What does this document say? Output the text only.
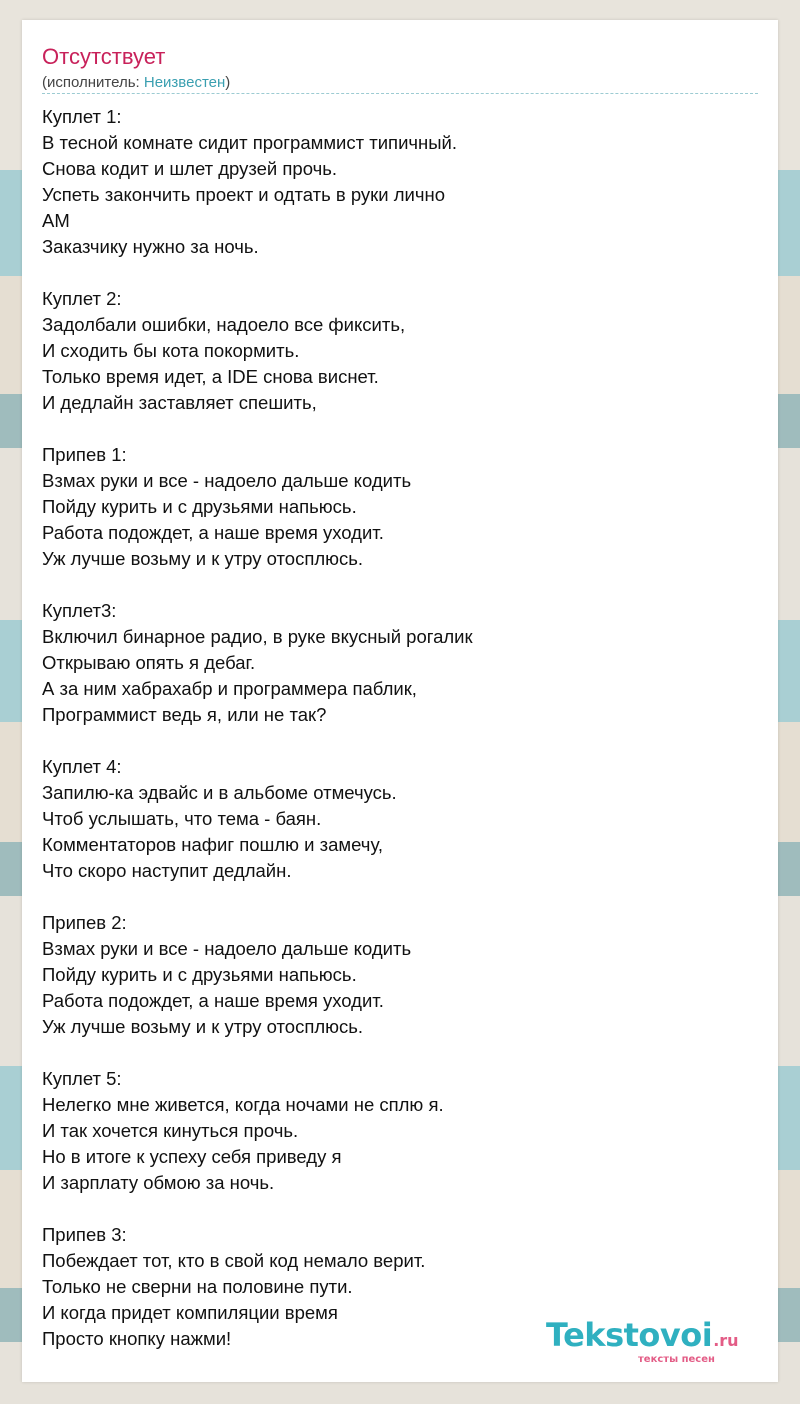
Отсутствует
(исполнитель: Неизвестен)
Куплет 1:
В тесной комнате сидит программист типичный.
Снова кодит и шлет друзей прочь.
Успеть закончить проект и одтать в руки лично
АМ
Заказчику нужно за ночь.
Куплет 2:
Задолбали ошибки, надоело все фиксить,
И сходить бы кота покормить.
Только время идет, а IDE снова виснет.
И дедлайн заставляет спешить,
Припев 1:
Взмах руки и все - надоело дальше кодить
Пойду курить и с друзьями напьюсь.
Работа подождет, а наше время уходит.
Уж лучше возьму и к утру отосплюсь.
Куплет3:
Включил бинарное радио, в руке вкусный рогалик
Открываю опять я дебаг.
А за ним хабрахабр и программера паблик,
Программист ведь я, или не так?
Куплет 4:
Запилю-ка эдвайс и в альбоме отмечусь.
Чтоб услышать, что тема - баян.
Комментаторов нафиг пошлю и замечу,
Что скоро наступит дедлайн.
Припев 2:
Взмах руки и все - надоело дальше кодить
Пойду курить и с друзьями напьюсь.
Работа подождет, а наше время уходит.
Уж лучше возьму и к утру отосплюсь.
Куплет 5:
Нелегко мне живется, когда ночами не сплю я.
И так хочется кинуться прочь.
Но в итоге к успеху себя приведу я
И зарплату обмою за ночь.
Припев 3:
Побеждает тот, кто в свой код немало верит.
Только не сверни на половине пути.
И когда придет компиляции время
Просто кнопку нажми!	Tekstovoi.ru
тексты песен
